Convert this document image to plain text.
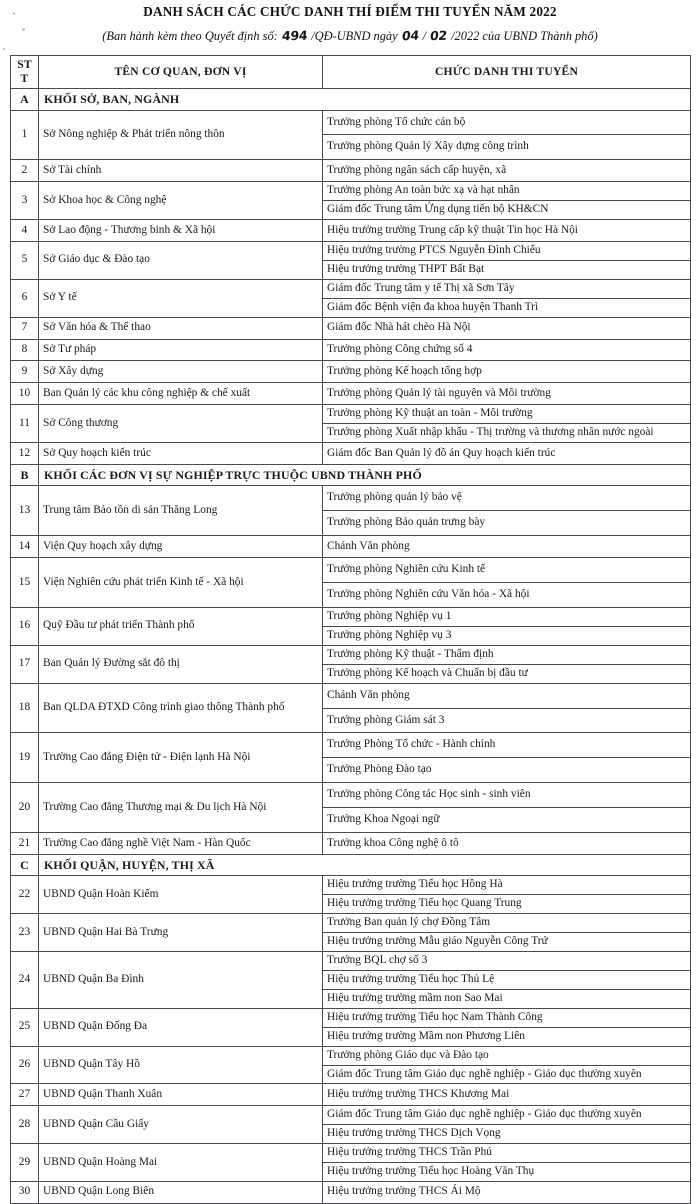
DANH SÁCH CÁC CHỨC DANH THÍ ĐIỂM THI TUYỂN NĂM 2022

(Ban hành kèm theo Quyết định số: 494 /QĐ-UBND ngày 04 / 02 /2022 của UBND Thành phố)

STT	TÊN CƠ QUAN, ĐƠN VỊ	CHỨC DANH THI TUYỂN
A	KHỐI SỞ, BAN, NGÀNH	
1	Sở Nông nghiệp & Phát triển nông thôn	Trưởng phòng Tổ chức cán bộ
		Trưởng phòng Quản lý Xây dựng công trình
2	Sở Tài chính	Trưởng phòng ngân sách cấp huyện, xã
3	Sở Khoa học & Công nghệ	Trưởng phòng An toàn bức xạ và hạt nhân
		Giám đốc Trung tâm Ứng dụng tiến bộ KH&CN
4	Sở Lao động - Thương binh & Xã hội	Hiệu trưởng trường Trung cấp kỹ thuật Tin học Hà Nội
5	Sở Giáo dục & Đào tạo	Hiệu trưởng trường PTCS Nguyễn Đình Chiểu
		Hiệu trưởng trường THPT Bất Bạt
6	Sở Y tế	Giám đốc Trung tâm y tế Thị xã Sơn Tây
		Giám đốc Bệnh viện đa khoa huyện Thanh Trì
7	Sở Văn hóa & Thể thao	Giám đốc Nhà hát chèo Hà Nội
8	Sở Tư pháp	Trưởng phòng Công chứng số 4
9	Sở Xây dựng	Trưởng phòng Kế hoạch tổng hợp
10	Ban Quản lý các khu công nghiệp & chế xuất	Trưởng phòng Quản lý tài nguyên và Môi trường
11	Sở Công thương	Trưởng phòng Kỹ thuật an toàn - Môi trường
		Trưởng phòng Xuất nhập khẩu - Thị trường và thương nhân nước ngoài
12	Sở Quy hoạch kiến trúc	Giám đốc Ban Quản lý đồ án Quy hoạch kiến trúc
B	KHỐI CÁC ĐƠN VỊ SỰ NGHIỆP TRỰC THUỘC UBND THÀNH PHỐ	
13	Trung tâm Bảo tồn di sản Thăng Long	Trưởng phòng quản lý bảo vệ
		Trưởng phòng Bảo quản trưng bày
14	Viện Quy hoạch xây dựng	Chánh Văn phòng
15	Viện Nghiên cứu phát triển Kinh tế - Xã hội	Trưởng phòng Nghiên cứu Kinh tế
		Trưởng phòng Nghiên cứu Văn hóa - Xã hội
16	Quỹ Đầu tư phát triển Thành phố	Trưởng phòng Nghiệp vụ 1
		Trưởng phòng Nghiệp vụ 3
17	Ban Quản lý Đường sắt đô thị	Trưởng phòng Kỹ thuật - Thẩm định
		Trưởng phòng Kế hoạch và Chuẩn bị đầu tư
18	Ban QLDA ĐTXD Công trình giao thông Thành phố	Chánh Văn phòng
		Trưởng phòng Giám sát 3
19	Trường Cao đẳng Điện tử - Điện lạnh Hà Nội	Trưởng Phòng Tổ chức - Hành chính
		Trưởng Phòng Đào tạo
20	Trường Cao đẳng Thương mại & Du lịch Hà Nội	Trưởng phòng Công tác Học sinh - sinh viên
		Trưởng Khoa Ngoại ngữ
21	Trường Cao đẳng nghề Việt Nam - Hàn Quốc	Trưởng khoa Công nghệ ô tô
C	KHỐI QUẬN, HUYỆN, THỊ XÃ	
22	UBND Quận Hoàn Kiếm	Hiệu trưởng trường Tiểu học Hồng Hà
		Hiệu trưởng trường Tiểu học Quang Trung
23	UBND Quận Hai Bà Trưng	Trưởng Ban quản lý chợ Đồng Tâm
		Hiệu trưởng trường Mẫu giáo Nguyễn Công Trứ
24	UBND Quận Ba Đình	Trưởng BQL chợ số 3
		Hiệu trưởng trường Tiểu học Thủ Lệ
		Hiệu trưởng trường mầm non Sao Mai
25	UBND Quận Đống Đa	Hiệu trưởng trường Tiểu học Nam Thành Công
		Hiệu trưởng trường Mầm non Phương Liên
26	UBND Quận Tây Hồ	Trưởng phòng Giáo dục và Đào tạo
		Giám đốc Trung tâm Giáo dục nghề nghiệp - Giáo dục thường xuyên
27	UBND Quận Thanh Xuân	Hiệu trưởng trường THCS Khương Mai
28	UBND Quận Cầu Giấy	Giám đốc Trung tâm Giáo dục nghề nghiệp - Giáo dục thường xuyên
		Hiệu trưởng trường THCS Dịch Vọng
29	UBND Quận Hoàng Mai	Hiệu trưởng trường THCS Trần Phú
		Hiệu trưởng trường Tiểu học Hoàng Văn Thụ
30	UBND Quận Long Biên	Hiệu trưởng trường THCS Ái Mộ
